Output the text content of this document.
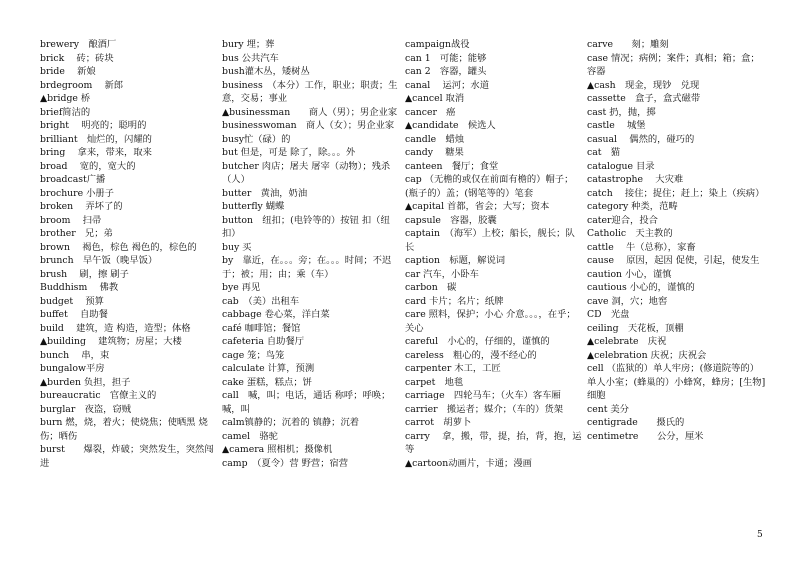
brewery　酿酒厂
brick　 砖；砖块
bride　 新娘
brdegroom　 新郎
▲bridge 桥
brief简洁的
bright　 明亮的；聪明的
brilliant　灿烂的，闪耀的
bring　 拿来，带来，取来
broad　 宽的，宽大的
broadcast广播
brochure 小册子
broken　 弄坏了的
broom　 扫帚
brother　兄；弟
brown　 褐色，棕色 褐色的，棕色的
brunch　早午饭（晚早饭）
brush　 刷，擦 刷子
Buddhism　 佛教
budget　 预算
buffet　 自助餐
build　 建筑，造 构造，造型；体格
▲building　 建筑物；房屋；大楼
bunch　 串，束
bungalow平房
▲burden 负担，担子
bureaucratic　官僚主义的
burglar　夜盗，窃贼
burn 燃，烧，着火；使烧焦；使晒黑 烧伤；晒伤
burst　　爆裂，炸破；突然发生，突然闯进
bury 埋；葬
bus 公共汽车
bush灌木丛，矮树丛
business　（本分）工作，职业；职责；生意，交易；事业
▲businessman　　商人（男）；男企业家
businesswoman　商人（女）；男企业家
busy忙（碌）的
but 但是，可是 除了，除。。。外
butcher 肉店；屠夫 屠宰（动物）；残杀（人）
butter　黄油，奶油
butterfly 蝴蝶
button　纽扣；(电铃等的）按钮 扣（纽扣）
buy 买
by　靠近，在。。。旁；在。。。时间；不迟于；被；用；由；乘（车）
bye 再见
cab　（美）出租车
cabbage 卷心菜，洋白菜
café 咖啡馆；餐馆
cafeteria 自助餐厅
cage 笼；鸟笼
calculate 计算，预测
cake 蛋糕，糕点；饼
call　喊，叫；电话，通话 称呼；呼唤；喊，叫
calm镇静的；沉着的 镇静；沉着
camel　骆驼
▲camera 照相机；摄像机
camp　（夏令）营 野营；宿营
campaign战役
can 1　可能；能够
can 2　容器，罐头
canal　 运河；水道
▲cancel 取消
cancer　癌
▲candidate　候选人
candle　蜡烛
candy　 糖果
canteen　餐厅；食堂
cap （无檐的或仅在前面有檐的）帽子；(瓶子的）盖；(钢笔等的）笔套
▲capital 首都，省会；大写；资本
capsule　容器，胶囊
captain　（海军）上校；船长，舰长；队长
caption　标题，解说词
car 汽车，小卧车
carbon　碳
card 卡片；名片；纸牌
care 照料，保护；小心 介意。。。，在乎；关心
careful　小心的，仔细的，谨慎的
careless　粗心的，漫不经心的
carpenter 木工，工匠
carpet　地毯
carriage　四轮马车；（火车）客车厢
carrier　搬运者；媒介；（车的）货架
carrot　胡萝卜
carry　 拿，搬，带，提，抬，背，抱，运等
▲cartoon动画片，卡通；漫画
carve　　刻；雕刻
case 情况；病例；案件；真相；箱；盒；容器
▲cash　现金，现钞　兑现
cassette　盒子，盒式磁带
cast 扔，抛，掷
castle　 城堡
casual　 偶然的，碰巧的
cat　猫
catalogue 目录
catastrophe　 大灾难
catch　 接住；捉住；赶上；染上（疾病）
category 种类，范畴
cater迎合，投合
Catholic　天主教的
cattle　 牛（总称），家畜
cause　 原因，起因 促使，引起，使发生
caution 小心，谨慎
cautious 小心的，谨慎的
cave 洞，穴；地窖
CD　光盘
ceiling　天花板，顶棚
▲celebrate　庆祝
▲celebration 庆祝；庆祝会
cell （监狱的）单人牢房；(修道院等的）单人小室；(蜂巢的）小蜂窝，蜂房；[生物]细胞
cent 美分
centigrade　　摄氏的
centimetre　　公分，厘米
5
